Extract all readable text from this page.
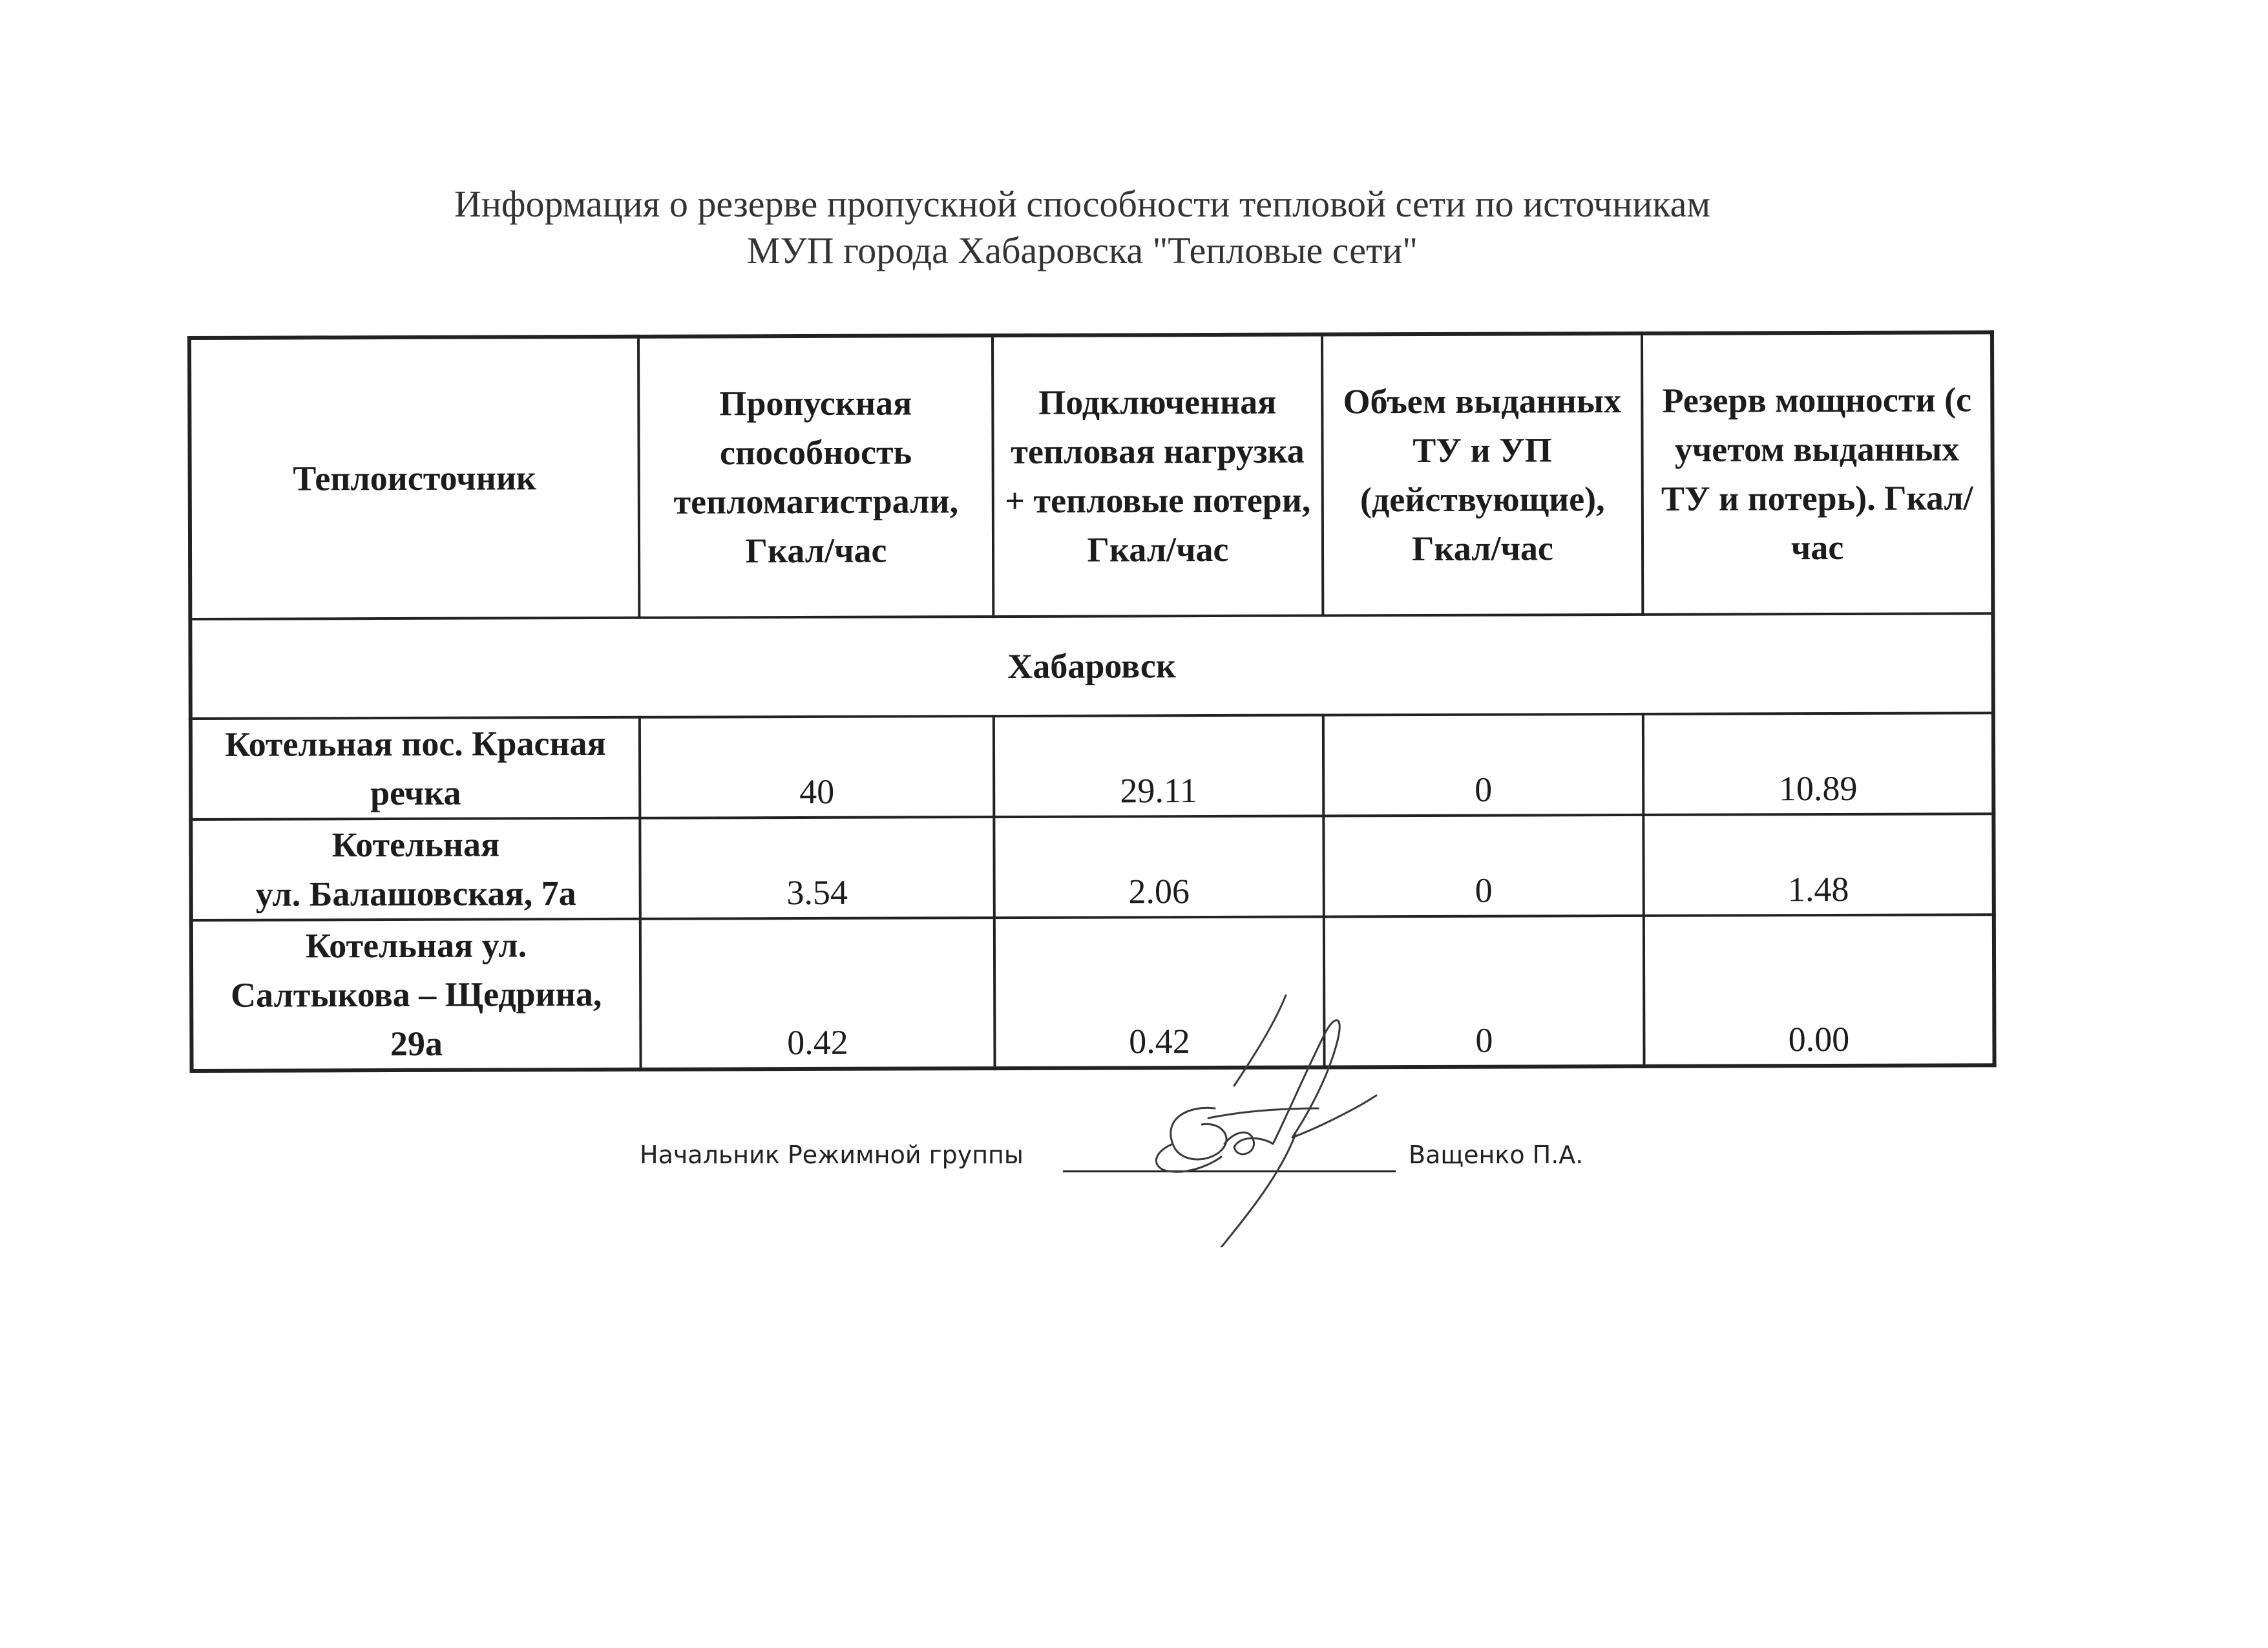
Информация о резерве пропускной способности тепловой сети по источникам
МУП города Хабаровска "Тепловые сети"
Теплоисточник	Пропускная способность тепломагистрали, Гкал/час	Подключенная тепловая нагрузка + тепловые потери, Гкал/час	Объем выданных ТУ и УП (действующие), Гкал/час	Резерв мощности (с учетом выданных ТУ и потерь). Гкал/час
Хабаровск				

Котельная пос. Красная
речка	40	29.11	0	10.89

Котельная
ул. Балашовская, 7а	3.54	2.06	0	1.48

Котельная ул.
Салтыкова – Щедрина,
29а	0.42	0.42	0	0.00
Начальник Режимной группы	Ващенко П.А.
